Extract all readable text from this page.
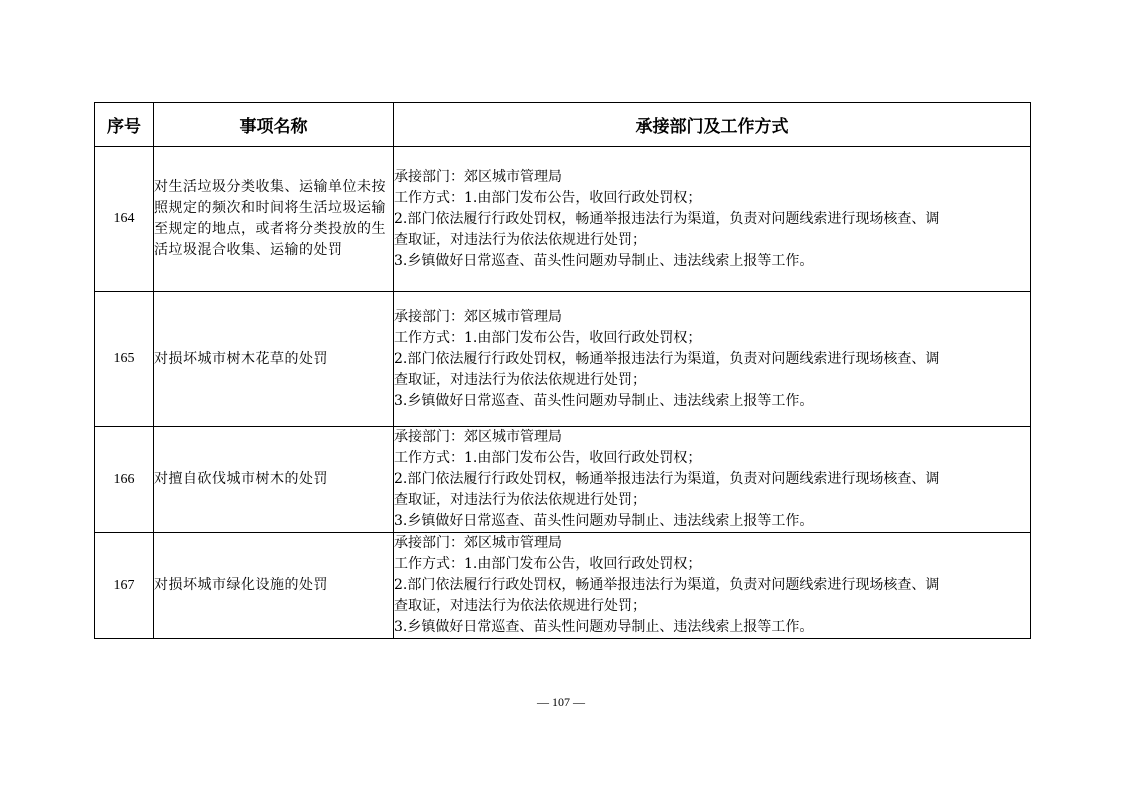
序号	事项名称	承接部门及工作方式
164	对生活垃圾分类收集、运输单位未按照规定的频次和时间将生活垃圾运输至规定的地点，或者将分类投放的生活垃圾混合收集、运输的处罚	承接部门：郊区城市管理局
工作方式：1.由部门发布公告，收回行政处罚权；
2.部门依法履行行政处罚权，畅通举报违法行为渠道，负责对问题线索进行现场核查、调
查取证，对违法行为依法依规进行处罚；
3.乡镇做好日常巡查、苗头性问题劝导制止、违法线索上报等工作。

165	对损坏城市树木花草的处罚	承接部门：郊区城市管理局
工作方式：1.由部门发布公告，收回行政处罚权；
2.部门依法履行行政处罚权，畅通举报违法行为渠道，负责对问题线索进行现场核查、调
查取证，对违法行为依法依规进行处罚；
3.乡镇做好日常巡查、苗头性问题劝导制止、违法线索上报等工作。

166	对擅自砍伐城市树木的处罚	承接部门：郊区城市管理局
工作方式：1.由部门发布公告，收回行政处罚权；
2.部门依法履行行政处罚权，畅通举报违法行为渠道，负责对问题线索进行现场核查、调
查取证，对违法行为依法依规进行处罚；
3.乡镇做好日常巡查、苗头性问题劝导制止、违法线索上报等工作。

167	对损坏城市绿化设施的处罚	承接部门：郊区城市管理局
工作方式：1.由部门发布公告，收回行政处罚权；
2.部门依法履行行政处罚权，畅通举报违法行为渠道，负责对问题线索进行现场核查、调
查取证，对违法行为依法依规进行处罚；
3.乡镇做好日常巡查、苗头性问题劝导制止、违法线索上报等工作。
— 107 —
